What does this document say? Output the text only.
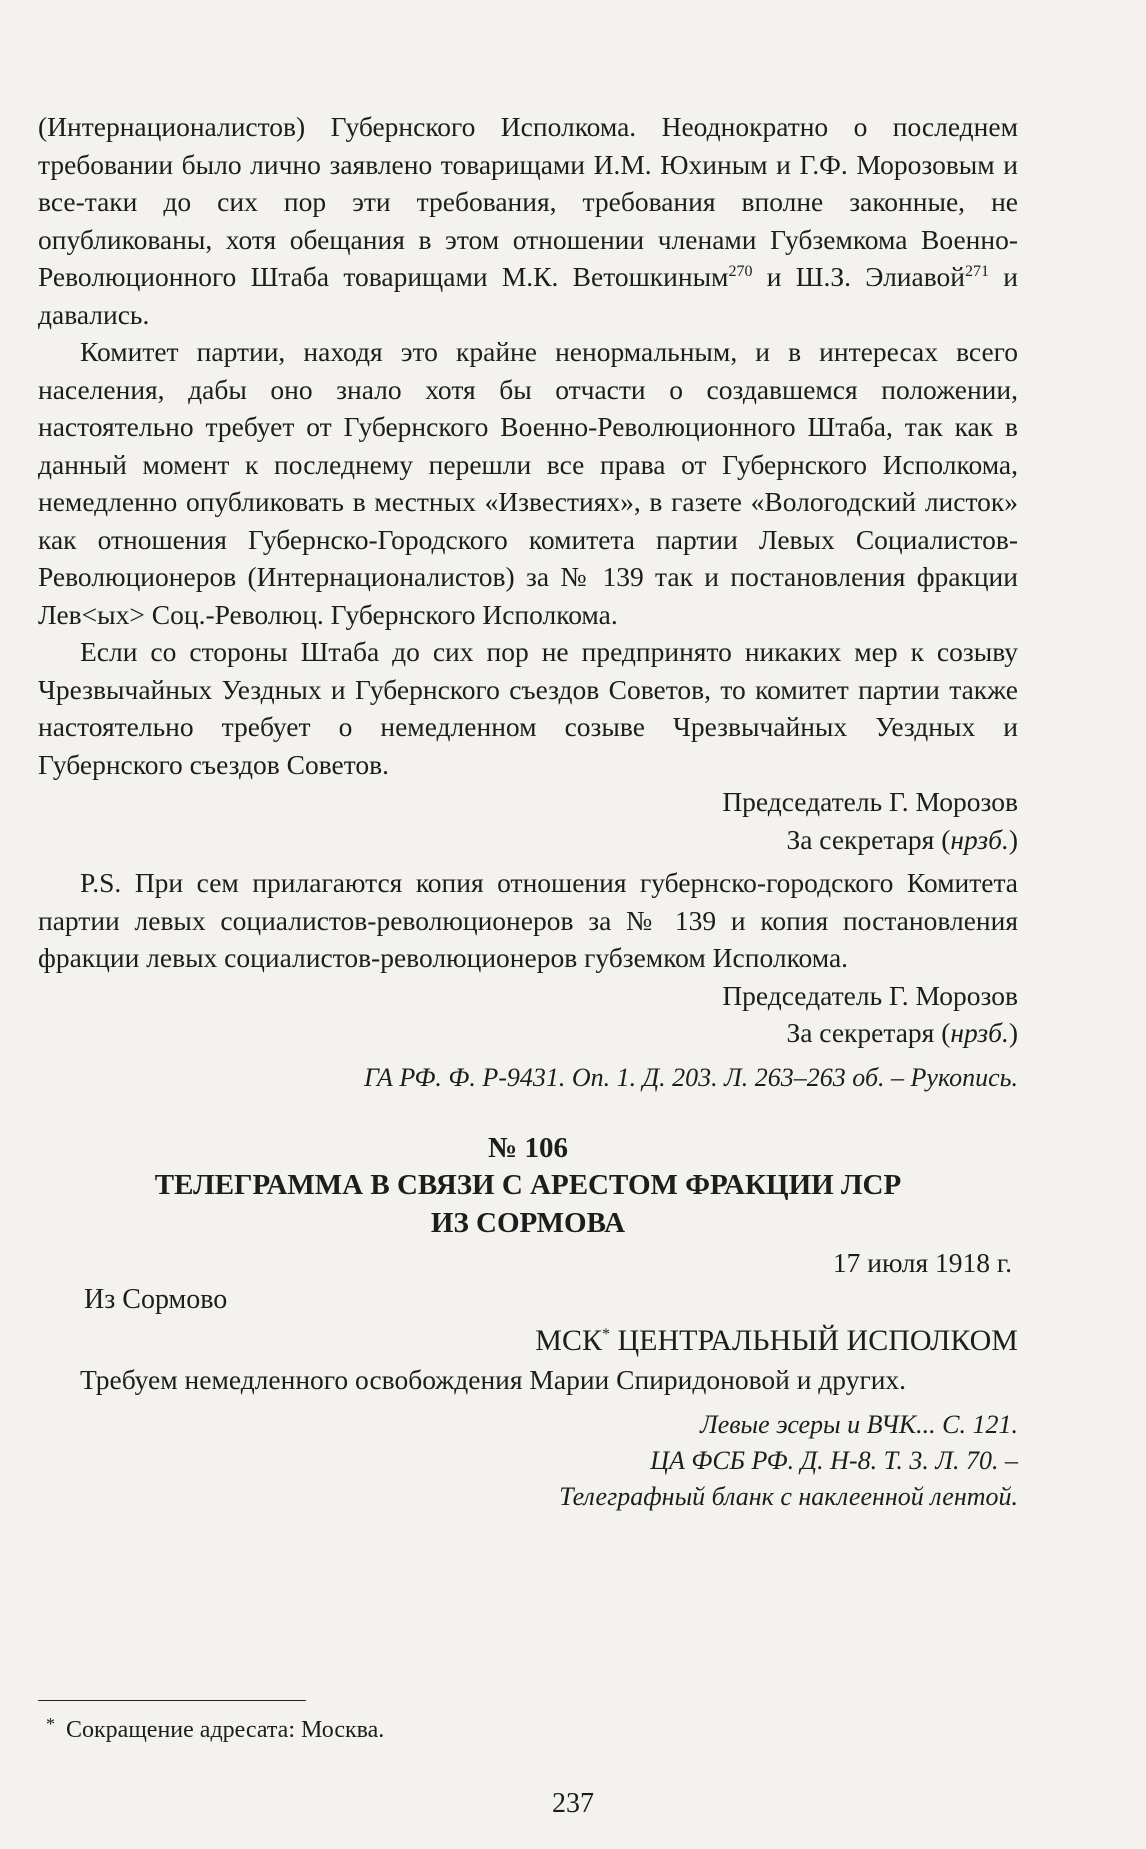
(Интернационалистов) Губернского Исполкома. Неоднократно о последнем требовании было лично заявлено товарищами И.М. Юхиным и Г.Ф. Морозовым и все-таки до сих пор эти требования, требования вполне законные, не опубликованы, хотя обещания в этом отношении членами Губземкома Военно-Революционного Штаба товарищами М.К. Ветошкиным$^{270}$ и Ш.З. Элиавой$^{271}$ и давались.

Комитет партии, находя это крайне ненормальным, и в интересах всего населения, дабы оно знало хотя бы отчасти о создавшемся положении, настоятельно требует от Губернского Военно-Революционного Штаба, так как в данный момент к последнему перешли все права от Губернского Исполкома, немедленно опубликовать в местных «Известиях», в газете «Вологодский листок» как отношения Губернско-Городского комитета партии Левых Социалистов-Революционеров (Интернационалистов) за № 139 так и постановления фракции Лев<ых> Соц.-Революц. Губернского Исполкома.

Если со стороны Штаба до сих пор не предпринято никаких мер к созыву Чрезвычайных Уездных и Губернского съездов Советов, то комитет партии также настоятельно требует о немедленном созыве Чрезвычайных Уездных и Губернского съездов Советов.

Председатель Г. Морозов

За секретаря (нрзб.)

P.S. При сем прилагаются копия отношения губернско-городского Комитета партии левых социалистов-революционеров за № 139 и копия постановления фракции левых социалистов-революционеров губземком Исполкома.

Председатель Г. Морозов

За секретаря (нрзб.)

ГА РФ. Ф. Р-9431. Оп. 1. Д. 203. Л. 263–263 об. – Рукопись.

№ 106
ТЕЛЕГРАММА В СВЯЗИ С АРЕСТОМ ФРАКЦИИ ЛСР
ИЗ СОРМОВА

17 июля 1918 г.

Из Сормово
МСК* ЦЕНТРАЛЬНЫЙ ИСПОЛКОМ

Требуем немедленного освобождения Марии Спиридоновой и других.

Левые эсеры и ВЧК... С. 121.

ЦА ФСБ РФ. Д. Н-8. Т. 3. Л. 70. –

Телеграфный бланк с наклеенной лентой.

* Сокращение адресата: Москва.
237
